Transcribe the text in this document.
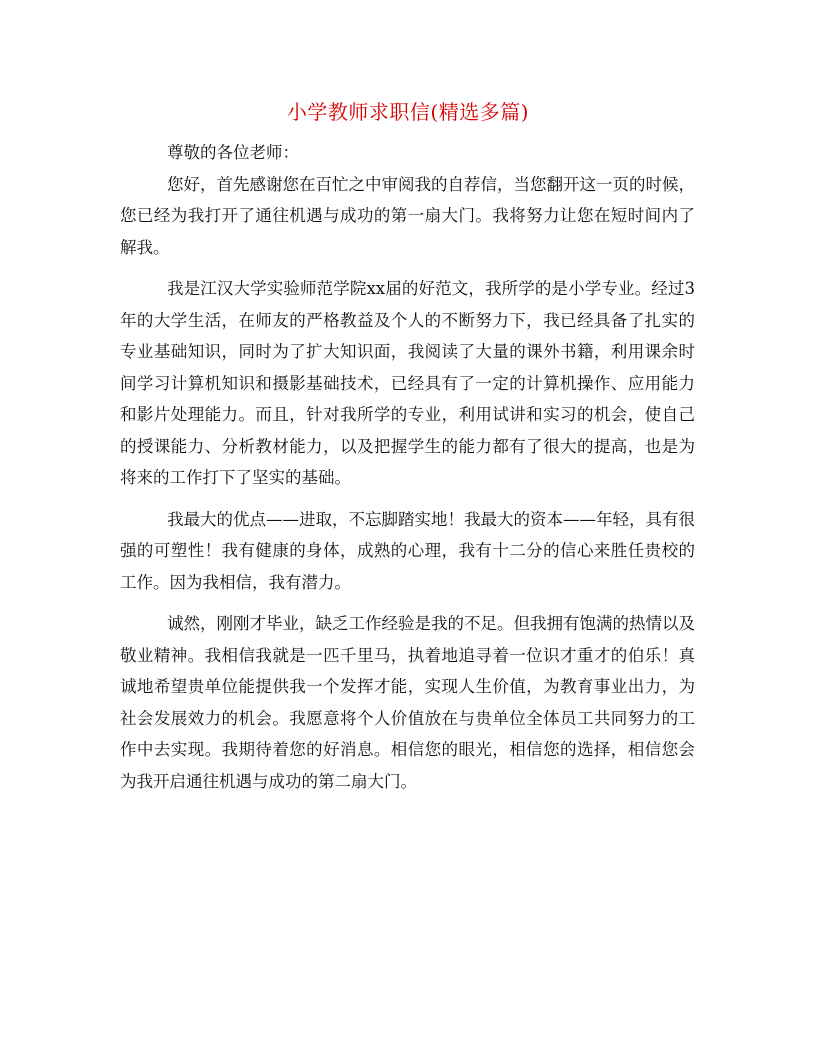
小学教师求职信(精选多篇)

尊敬的各位老师：

您好，首先感谢您在百忙之中审阅我的自荐信，当您翻开这一页的时候，您已经为我打开了通往机遇与成功的第一扇大门。我将努力让您在短时间内了解我。

我是江汉大学实验师范学院xx届的好范文，我所学的是小学专业。经过3年的大学生活，在师友的严格教益及个人的不断努力下，我已经具备了扎实的专业基础知识，同时为了扩大知识面，我阅读了大量的课外书籍，利用课余时间学习计算机知识和摄影基础技术，已经具有了一定的计算机操作、应用能力和影片处理能力。而且，针对我所学的专业，利用试讲和实习的机会，使自己的授课能力、分析教材能力，以及把握学生的能力都有了很大的提高，也是为将来的工作打下了坚实的基础。

我最大的优点——进取，不忘脚踏实地！我最大的资本——年轻，具有很强的可塑性！我有健康的身体，成熟的心理，我有十二分的信心来胜任贵校的工作。因为我相信，我有潜力。

诚然，刚刚才毕业，缺乏工作经验是我的不足。但我拥有饱满的热情以及敬业精神。我相信我就是一匹千里马，执着地追寻着一位识才重才的伯乐！真诚地希望贵单位能提供我一个发挥才能，实现人生价值，为教育事业出力，为社会发展效力的机会。我愿意将个人价值放在与贵单位全体员工共同努力的工作中去实现。我期待着您的好消息。相信您的眼光，相信您的选择，相信您会为我开启通往机遇与成功的第二扇大门。
